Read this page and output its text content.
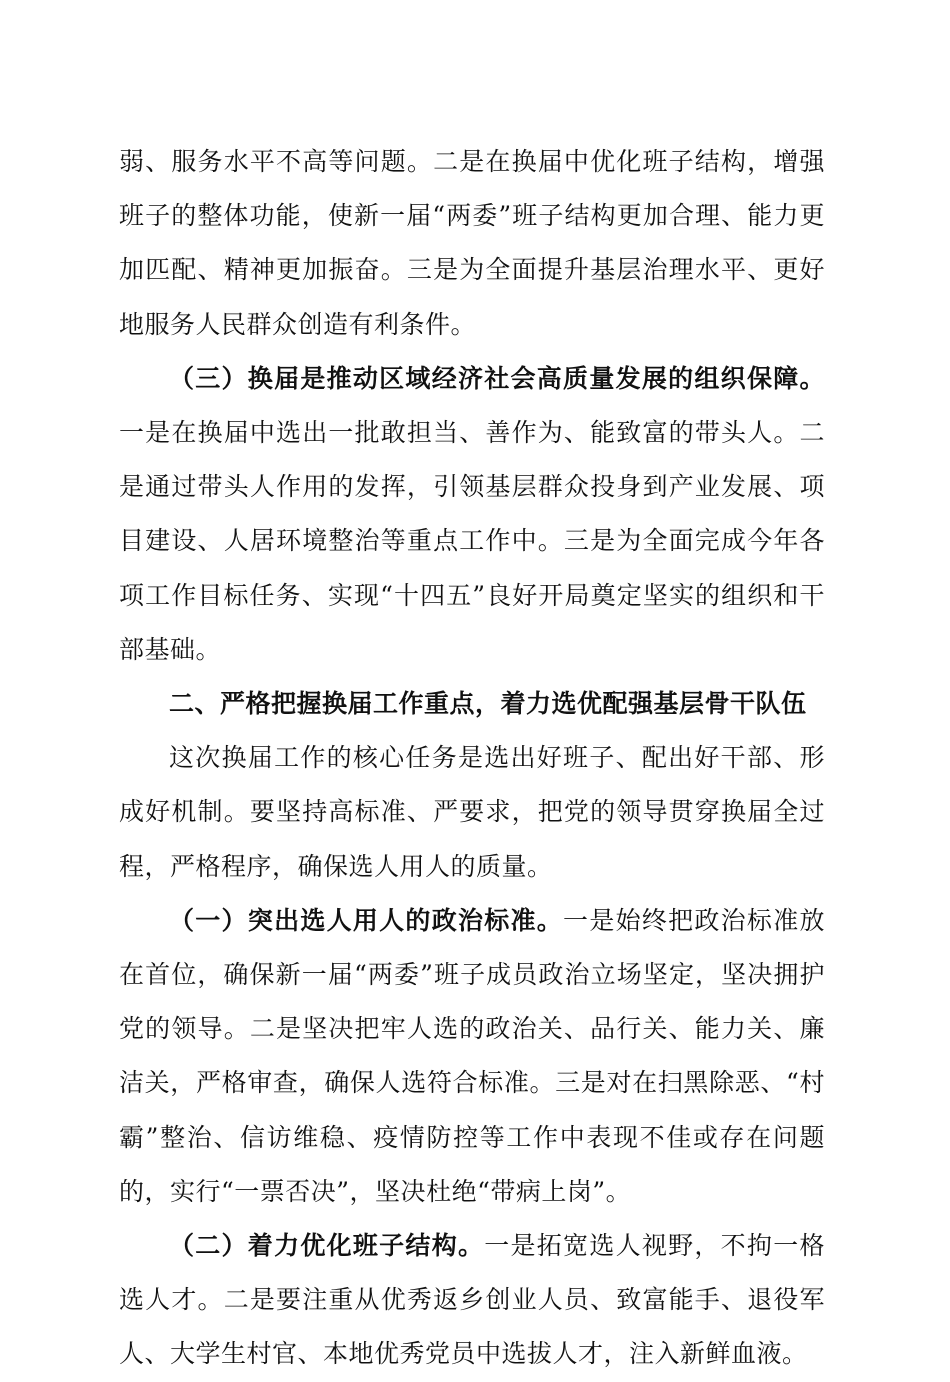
弱、服务水平不高等问题。二是在换届中优化班子结构，增强班子的整体功能，使新一届“两委”班子结构更加合理、能力更加匹配、精神更加振奋。三是为全面提升基层治理水平、更好地服务人民群众创造有利条件。

（三）换届是推动区域经济社会高质量发展的组织保障。一是在换届中选出一批敢担当、善作为、能致富的带头人。二是通过带头人作用的发挥，引领基层群众投身到产业发展、项目建设、人居环境整治等重点工作中。三是为全面完成今年各项工作目标任务、实现“十四五”良好开局奠定坚实的组织和干部基础。

二、严格把握换届工作重点，着力选优配强基层骨干队伍

这次换届工作的核心任务是选出好班子、配出好干部、形成好机制。要坚持高标准、严要求，把党的领导贯穿换届全过程，严格程序，确保选人用人的质量。

（一）突出选人用人的政治标准。一是始终把政治标准放在首位，确保新一届“两委”班子成员政治立场坚定，坚决拥护党的领导。二是坚决把牢人选的政治关、品行关、能力关、廉洁关，严格审查，确保人选符合标准。三是对在扫黑除恶、“村霸”整治、信访维稳、疫情防控等工作中表现不佳或存在问题的，实行“一票否决”，坚决杜绝“带病上岗”。

（二）着力优化班子结构。一是拓宽选人视野，不拘一格选人才。二是要注重从优秀返乡创业人员、致富能手、退役军人、大学生村官、本地优秀党员中选拔人才，注入新鲜血液。
